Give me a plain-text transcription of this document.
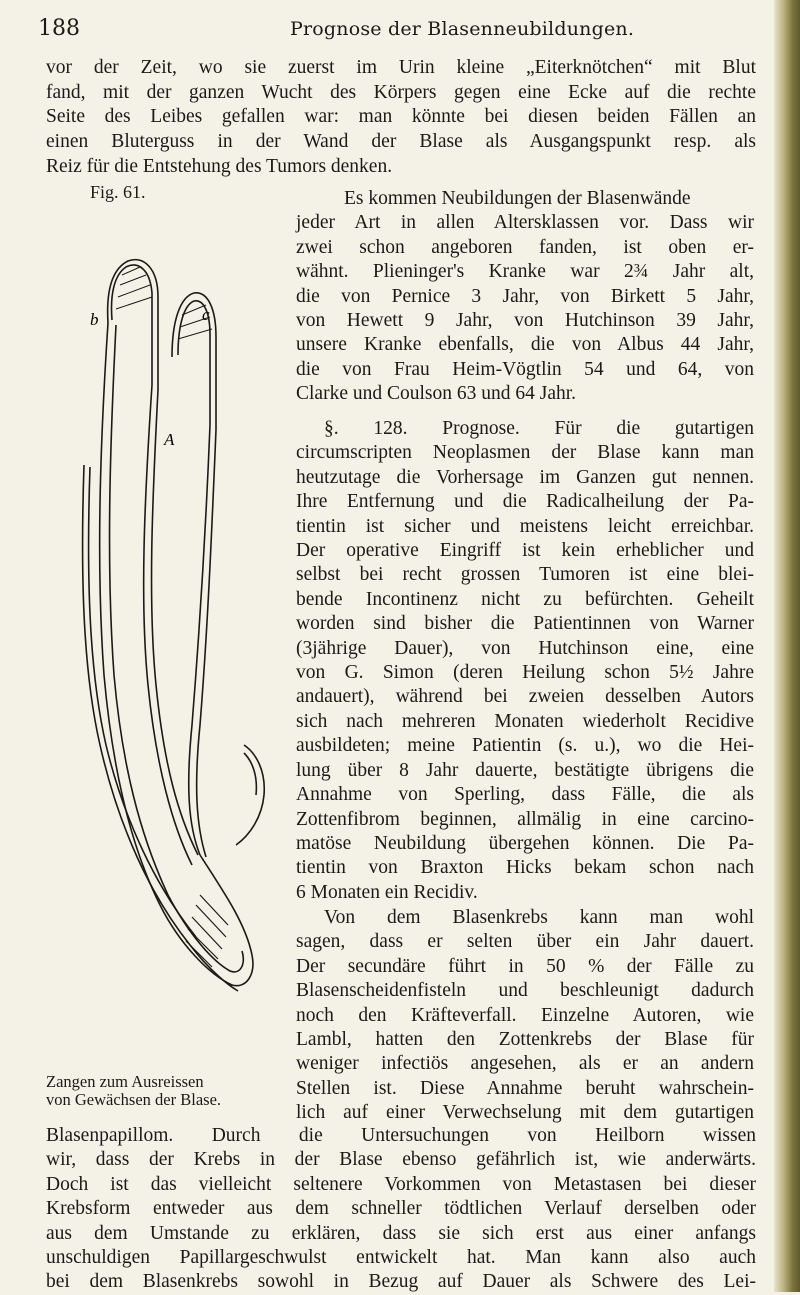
188	Prognose der Blasenneubildungen.
vor der Zeit, wo sie zuerst im Urin kleine „Eiterknötchen“ mit Blut
fand, mit der ganzen Wucht des Körpers gegen eine Ecke auf die rechte
Seite des Leibes gefallen war: man könnte bei diesen beiden Fällen an
einen Bluterguss in der Wand der Blase als Ausgangspunkt resp. als
Reiz für die Entstehung des Tumors denken.
Fig. 61.
b	c
A
Es kommen Neubildungen der Blasenwände
jeder Art in allen Altersklassen vor. Dass wir
zwei schon angeboren fanden, ist oben er-
wähnt. Plieninger's Kranke war 2¾ Jahr alt,
die von Pernice 3 Jahr, von Birkett 5 Jahr,
von Hewett 9 Jahr, von Hutchinson 39 Jahr,
unsere Kranke ebenfalls, die von Albus 44 Jahr,
die von Frau Heim-Vögtlin 54 und 64, von
Clarke und Coulson 63 und 64 Jahr.
§. 128. Prognose. Für die gutartigen
circumscripten Neoplasmen der Blase kann man
heutzutage die Vorhersage im Ganzen gut nennen.
Ihre Entfernung und die Radicalheilung der Pa-
tientin ist sicher und meistens leicht erreichbar.
Der operative Eingriff ist kein erheblicher und
selbst bei recht grossen Tumoren ist eine blei-
bende Incontinenz nicht zu befürchten. Geheilt
worden sind bisher die Patientinnen von Warner
(3jährige Dauer), von Hutchinson eine, eine
von G. Simon (deren Heilung schon 5½ Jahre
andauert), während bei zweien desselben Autors
sich nach mehreren Monaten wiederholt Recidive
ausbildeten; meine Patientin (s. u.), wo die Hei-
lung über 8 Jahr dauerte, bestätigte übrigens die
Annahme von Sperling, dass Fälle, die als
Zottenfibrom beginnen, allmälig in eine carcino-
matöse Neubildung übergehen können. Die Pa-
tientin von Braxton Hicks bekam schon nach
6 Monaten ein Recidiv.
Von dem Blasenkrebs kann man wohl
sagen, dass er selten über ein Jahr dauert.
Der secundäre führt in 50 % der Fälle zu
Blasenscheidenfisteln und beschleunigt dadurch
noch den Kräfteverfall. Einzelne Autoren, wie
Lambl, hatten den Zottenkrebs der Blase für
weniger infectiös angesehen, als er an andern
Stellen ist. Diese Annahme beruht wahrschein-
lich auf einer Verwechselung mit dem gutartigen
Zangen zum Ausreissen
von Gewächsen der Blase.
Blasenpapillom. Durch die Untersuchungen von Heilborn wissen
wir, dass der Krebs in der Blase ebenso gefährlich ist, wie anderwärts.
Doch ist das vielleicht seltenere Vorkommen von Metastasen bei dieser
Krebsform entweder aus dem schneller tödtlichen Verlauf derselben oder
aus dem Umstande zu erklären, dass sie sich erst aus einer anfangs
unschuldigen Papillargeschwulst entwickelt hat. Man kann also auch
bei dem Blasenkrebs sowohl in Bezug auf Dauer als Schwere des Lei-
